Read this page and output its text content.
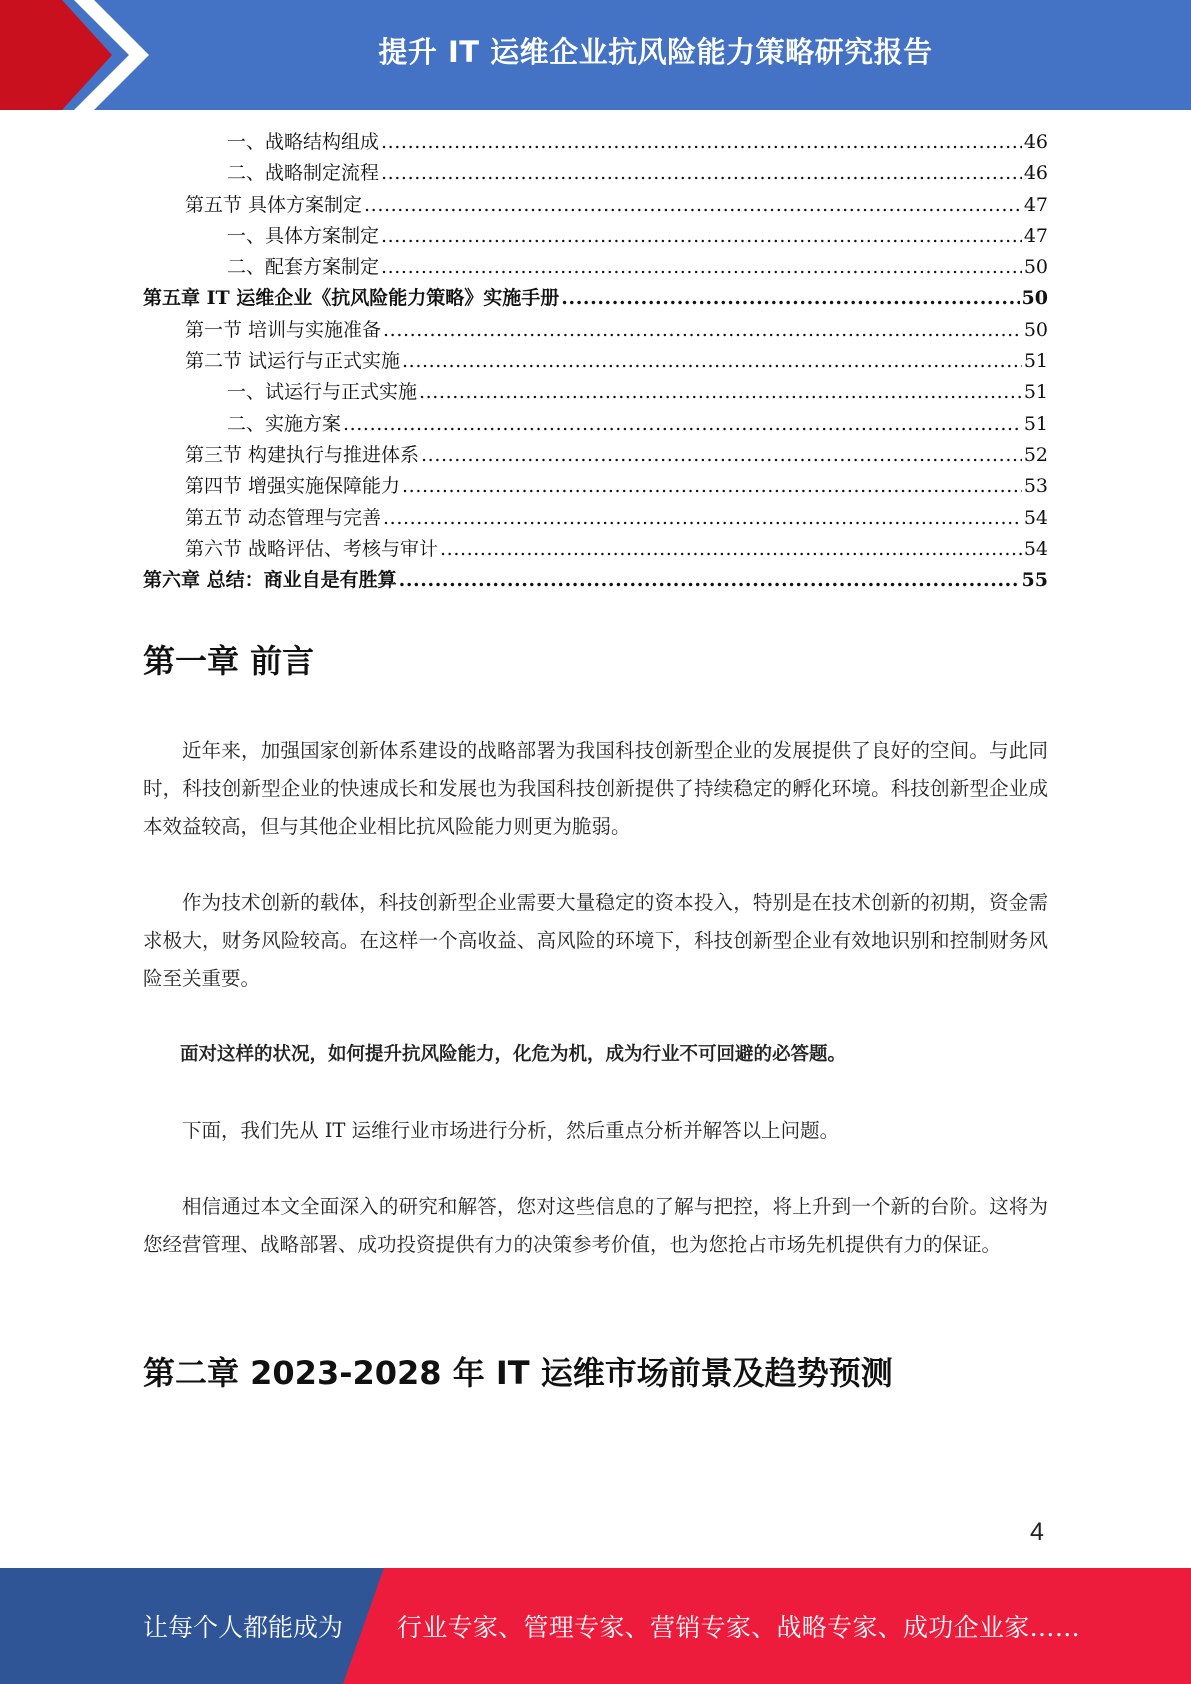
提升 IT 运维企业抗风险能力策略研究报告
一、战略结构组成 .....	46
二、战略制定流程 .....	46
第五节 具体方案制定 .....	47
一、具体方案制定 .....	47
二、配套方案制定 .....	50
第五章 IT 运维企业《抗风险能力策略》实施手册 .....	50
第一节 培训与实施准备 .....	50
第二节 试运行与正式实施 .....	51
一、试运行与正式实施 .....	51
二、实施方案 .....	51
第三节 构建执行与推进体系 .....	52
第四节 增强实施保障能力 .....	53
第五节 动态管理与完善 .....	54
第六节 战略评估、考核与审计 .....	54
第六章 总结：商业自是有胜算 .....	55
第一章 前言

近年来，加强国家创新体系建设的战略部署为我国科技创新型企业的发展提供了良好的空间。与此同时，科技创新型企业的快速成长和发展也为我国科技创新提供了持续稳定的孵化环境。科技创新型企业成本效益较高，但与其他企业相比抗风险能力则更为脆弱。

作为技术创新的载体，科技创新型企业需要大量稳定的资本投入，特别是在技术创新的初期，资金需求极大，财务风险较高。在这样一个高收益、高风险的环境下，科技创新型企业有效地识别和控制财务风险至关重要。

面对这样的状况，如何提升抗风险能力，化危为机，成为行业不可回避的必答题。

下面，我们先从 IT 运维行业市场进行分析，然后重点分析并解答以上问题。

相信通过本文全面深入的研究和解答，您对这些信息的了解与把控，将上升到一个新的台阶。这将为您经营管理、战略部署、成功投资提供有力的决策参考价值，也为您抢占市场先机提供有力的保证。

第二章 2023-2028 年 IT 运维市场前景及趋势预测
4
让每个人都能成为 行业专家、管理专家、营销专家、战略专家、成功企业家……
